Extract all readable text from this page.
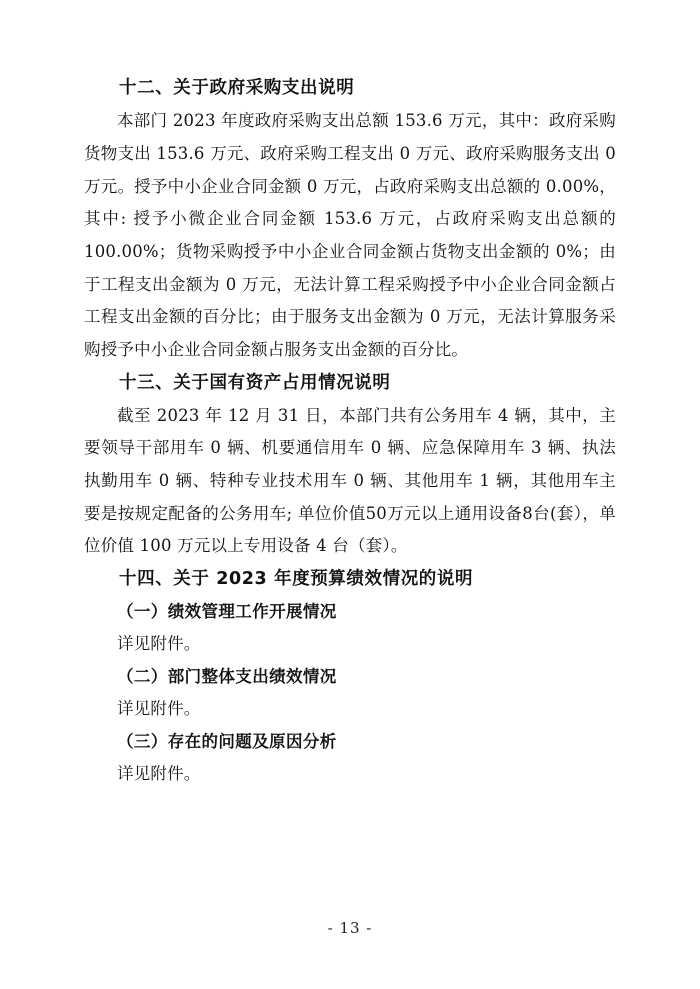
十二、关于政府采购支出说明

本部门 2023 年度政府采购支出总额 153.6 万元，其中：政府采购货物支出 153.6 万元、政府采购工程支出 0 万元、政府采购服务支出 0 万元。授予中小企业合同金额 0 万元，占政府采购支出总额的 0.00%，其中: 授予小微企业合同金额 153.6 万元，占政府采购支出总额的 100.00%；货物采购授予中小企业合同金额占货物支出金额的 0%；由于工程支出金额为 0 万元，无法计算工程采购授予中小企业合同金额占工程支出金额的百分比；由于服务支出金额为 0 万元，无法计算服务采购授予中小企业合同金额占服务支出金额的百分比。

十三、关于国有资产占用情况说明

截至 2023 年 12 月 31 日，本部门共有公务用车 4 辆，其中，主要领导干部用车 0 辆、机要通信用车 0 辆、应急保障用车 3 辆、执法执勤用车 0 辆、特种专业技术用车 0 辆、其他用车 1 辆，其他用车主要是按规定配备的公务用车; 单位价值50万元以上通用设备8台(套），单位价值 100 万元以上专用设备 4 台（套）。

十四、关于 2023 年度预算绩效情况的说明
（一）绩效管理工作开展情况

详见附件。

（二）部门整体支出绩效情况

详见附件。

（三）存在的问题及原因分析

详见附件。

- 13 -
